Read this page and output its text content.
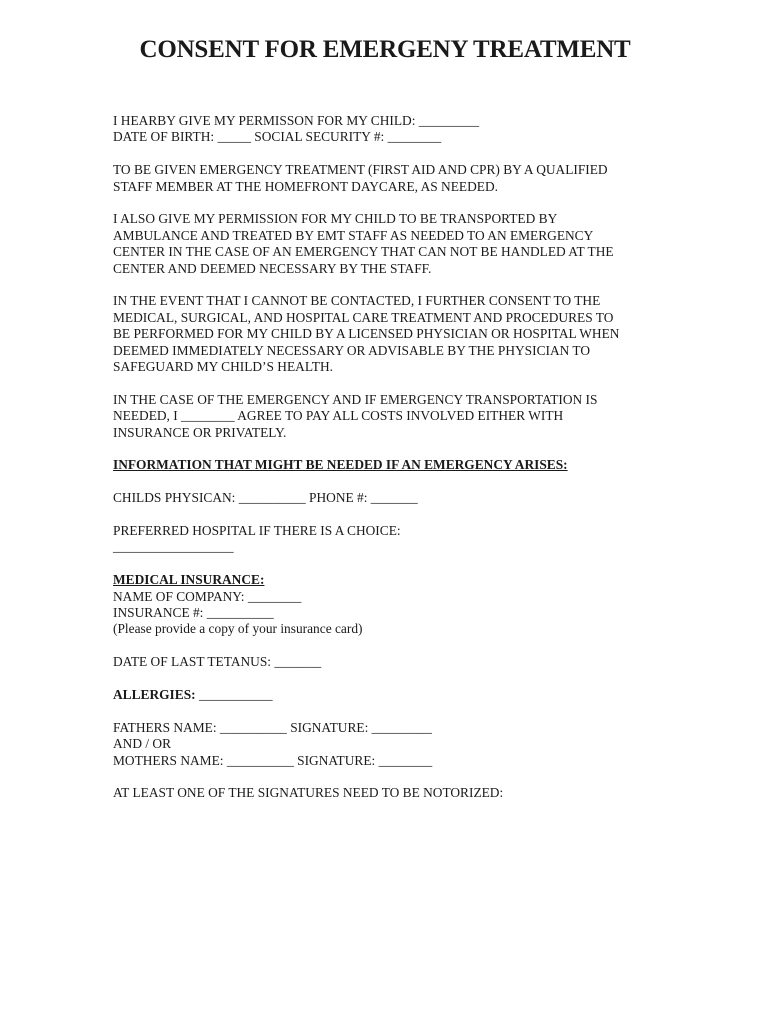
CONSENT FOR EMERGENY TREATMENT

I HEARBY GIVE MY PERMISSON FOR MY CHILD: _________
DATE OF BIRTH: _____ SOCIAL SECURITY #: ________

TO BE GIVEN EMERGENCY TREATMENT (FIRST AID AND CPR) BY A QUALIFIED
STAFF MEMBER AT THE HOMEFRONT DAYCARE, AS NEEDED.

I ALSO GIVE MY PERMISSION FOR MY CHILD TO BE TRANSPORTED BY
AMBULANCE AND TREATED BY EMT STAFF AS NEEDED TO AN EMERGENCY
CENTER IN THE CASE OF AN EMERGENCY THAT CAN NOT BE HANDLED AT THE
CENTER AND DEEMED NECESSARY BY THE STAFF.

IN THE EVENT THAT I CANNOT BE CONTACTED, I FURTHER CONSENT TO THE
MEDICAL, SURGICAL, AND HOSPITAL CARE TREATMENT AND PROCEDURES TO
BE PERFORMED FOR MY CHILD BY A LICENSED PHYSICIAN OR HOSPITAL WHEN
DEEMED IMMEDIATELY NECESSARY OR ADVISABLE BY THE PHYSICIAN TO
SAFEGUARD MY CHILD’S HEALTH.

IN THE CASE OF THE EMERGENCY AND IF EMERGENCY TRANSPORTATION IS
NEEDED, I ________ AGREE TO PAY ALL COSTS INVOLVED EITHER WITH
INSURANCE OR PRIVATELY.

INFORMATION THAT MIGHT BE NEEDED IF AN EMERGENCY ARISES:

CHILDS PHYSICAN: __________ PHONE #: _______

PREFERRED HOSPITAL IF THERE IS A CHOICE:
__________________

MEDICAL INSURANCE:
NAME OF COMPANY: ________
INSURANCE #: __________
(Please provide a copy of your insurance card)

DATE OF LAST TETANUS: _______

ALLERGIES: ___________

FATHERS NAME: __________ SIGNATURE: _________
AND / OR
MOTHERS NAME: __________ SIGNATURE: ________

AT LEAST ONE OF THE SIGNATURES NEED TO BE NOTORIZED:
